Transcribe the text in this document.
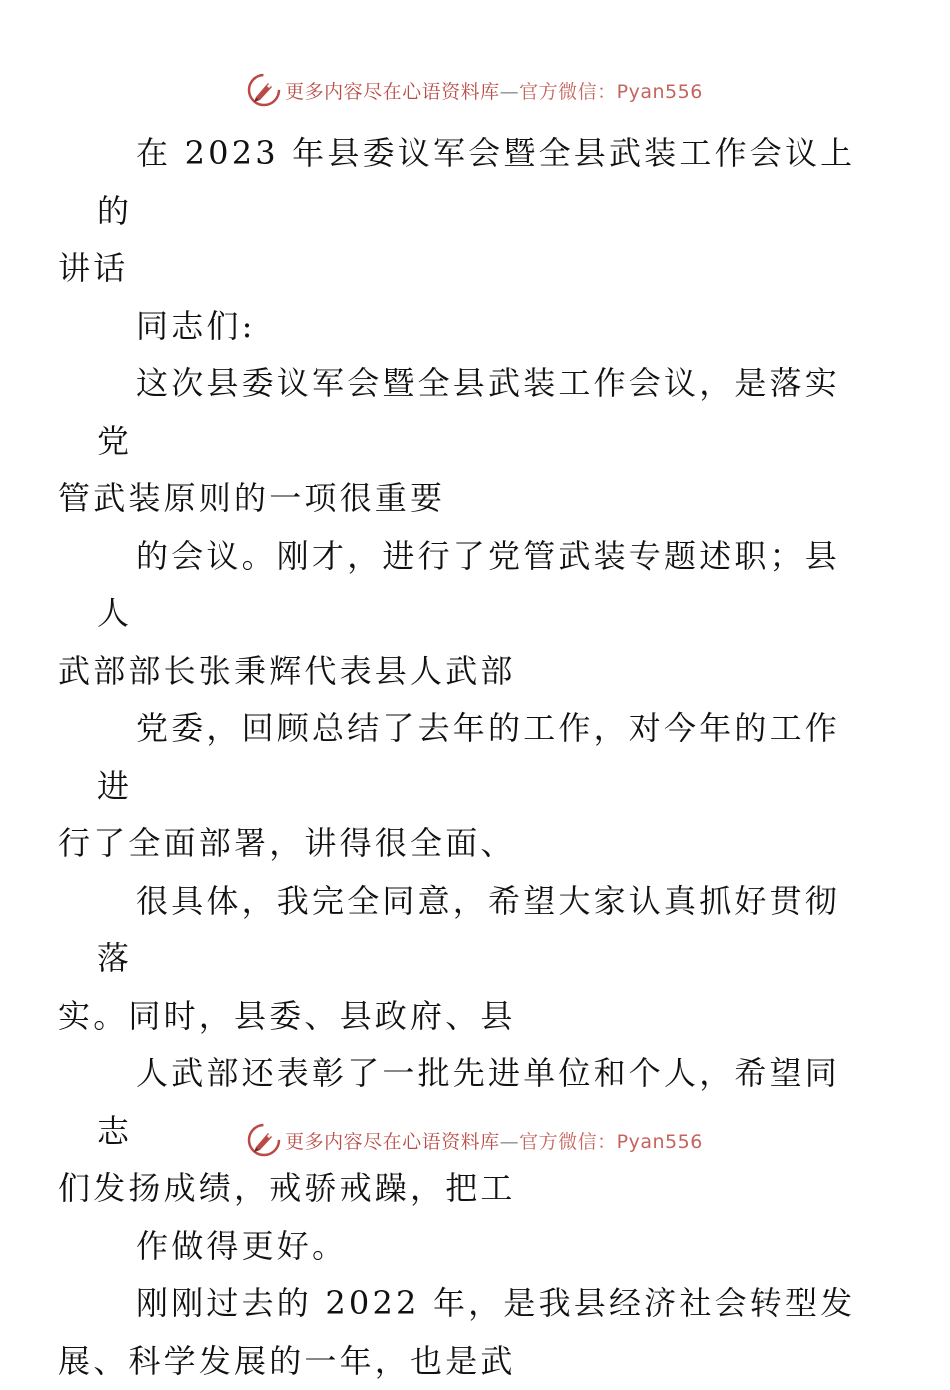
更多内容尽在心语资料库—官方微信：Pyan556

在 2023 年县委议军会暨全县武装工作会议上的
讲话

同志们:

这次县委议军会暨全县武装工作会议，是落实党
管武装原则的一项很重要

的会议。刚才，进行了党管武装专题述职；县人
武部部长张秉辉代表县人武部

党委，回顾总结了去年的工作，对今年的工作进
行了全面部署，讲得很全面、

很具体，我完全同意，希望大家认真抓好贯彻落
实。同时，县委、县政府、县

人武部还表彰了一批先进单位和个人，希望同志
们发扬成绩，戒骄戒躁，把工

作做得更好。

刚刚过去的 2022 年，是我县经济社会转型发
展、科学发展的一年，也是武

更多内容尽在心语资料库—官方微信：Pyan556
